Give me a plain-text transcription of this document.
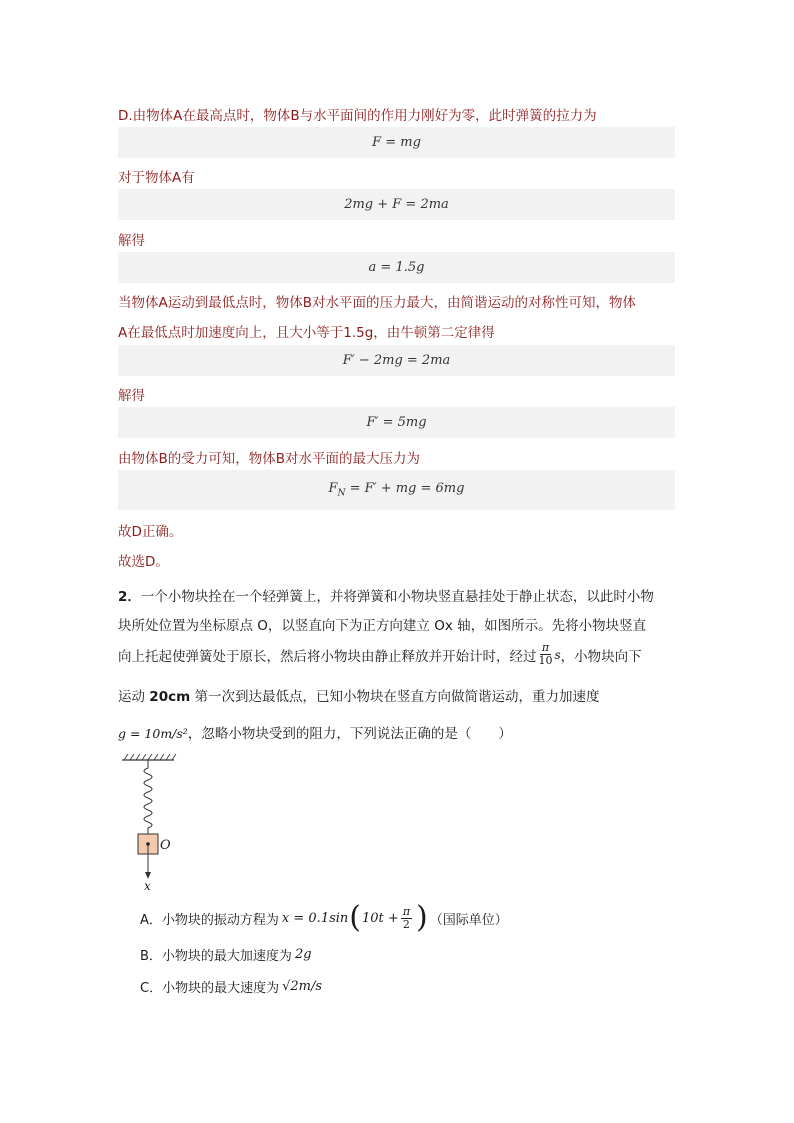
D.由物体A在最高点时，物体B与水平面间的作用力刚好为零，此时弹簧的拉力为
F = mg
对于物体A有
2mg + F = 2ma
解得
a = 1.5g
当物体A运动到最低点时，物体B对水平面的压力最大，由简谐运动的对称性可知，物体
A在最低点时加速度向上，且大小等于1.5g，由牛顿第二定律得
F′ − 2mg = 2ma
解得
F′ = 5mg
由物体B的受力可知，物体B对水平面的最大压力为
$F_N = F'$ + mg = 6mg
故D正确。
故选D。
2．一个小物块拴在一个轻弹簧上，并将弹簧和小物块竖直悬挂处于静止状态，以此时小物
块所处位置为坐标原点 O，以竖直向下为正方向建立 Ox 轴，如图所示。先将小物块竖直
向上托起使弹簧处于原长，然后将小物块由静止释放并开始计时，经过 $\frac{\pi}{10}$ s ，小物块向下
运动 20cm 第一次到达最低点，已知小物块在竖直方向做简谐运动，重力加速度
g = 10m/s²，忽略小物块受到的阻力，下列说法正确的是（　　）
O
x
A． 小物块的振动方程为 x = 0.1sin ( $10t + \frac{\pi}{2}$ ) （国际单位）
B． 小物块的最大加速度为 2g
C． 小物块的最大速度为 √2m/s
